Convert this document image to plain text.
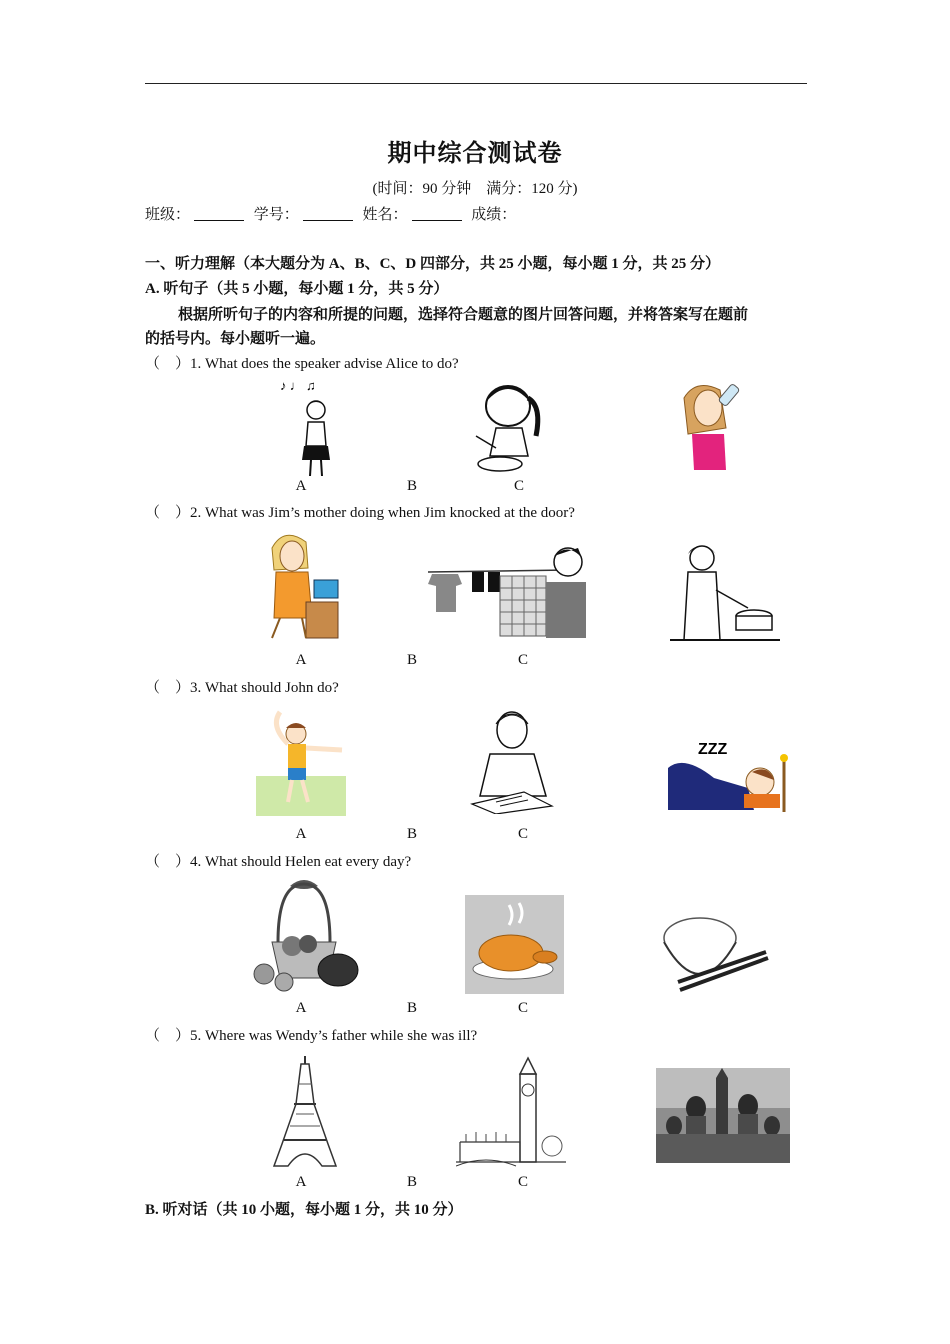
期中综合测试卷
(时间：90 分钟　满分：120 分)
班级：	学号：	姓名：	成绩：
一、听力理解（本大题分为 A、B、C、D 四部分，共 25 小题，每小题 1 分，共 25 分）
A. 听句子（共 5 小题，每小题 1 分，共 5 分）
根据所听句子的内容和所提的问题，选择符合题意的图片回答问题，并将答案写在题前
的括号内。每小题听一遍。
（　）1. What does the speaker advise Alice to do?
♪ ♩ ♫
A	B	C
（　）2. What was Jim’s mother doing when Jim knocked at the door?
A	B	C
（　）3. What should John do?
ZZZ
A	B	C
（　）4. What should Helen eat every day?
A	B	C
（　）5. Where was Wendy’s father while she was ill?
A	B	C
B. 听对话（共 10 小题，每小题 1 分，共 10 分）
